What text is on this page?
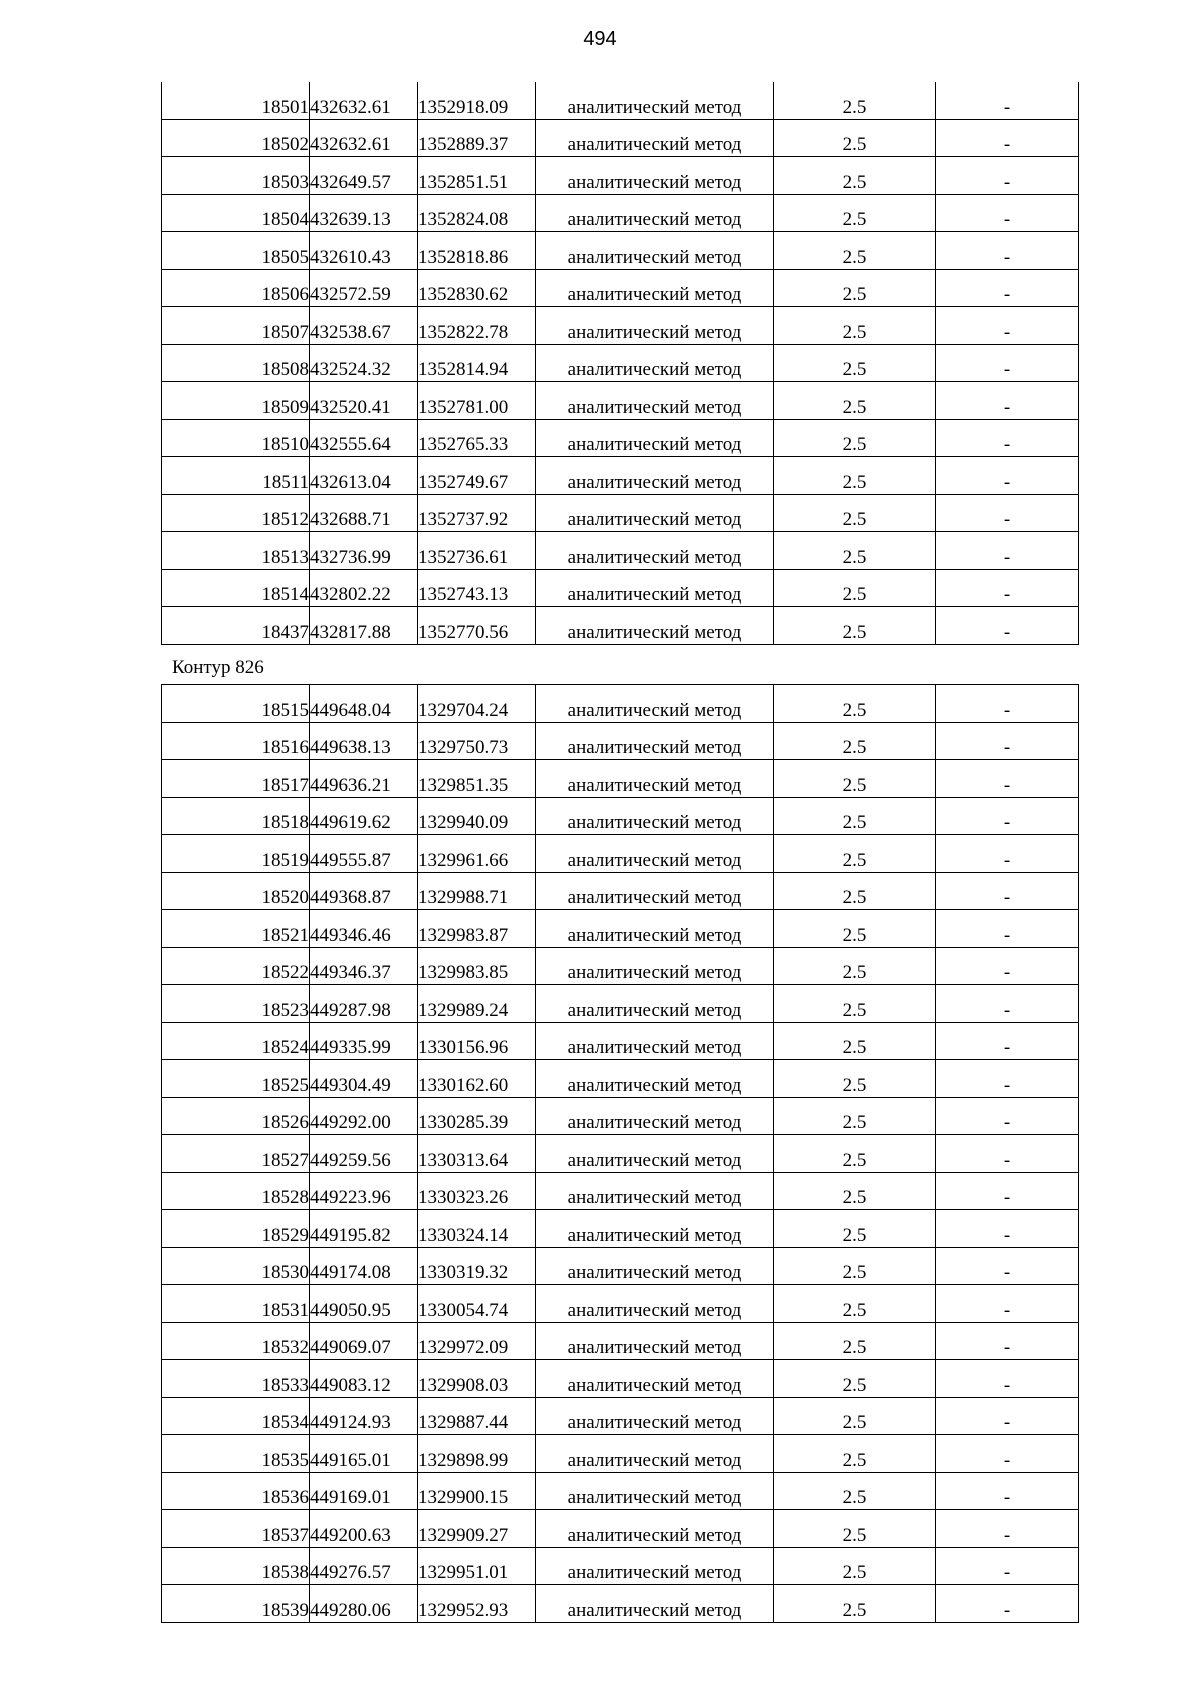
494
18501	432632.61	1352918.09	аналитический метод	2.5	-
18502	432632.61	1352889.37	аналитический метод	2.5	-
18503	432649.57	1352851.51	аналитический метод	2.5	-
18504	432639.13	1352824.08	аналитический метод	2.5	-
18505	432610.43	1352818.86	аналитический метод	2.5	-
18506	432572.59	1352830.62	аналитический метод	2.5	-
18507	432538.67	1352822.78	аналитический метод	2.5	-
18508	432524.32	1352814.94	аналитический метод	2.5	-
18509	432520.41	1352781.00	аналитический метод	2.5	-
18510	432555.64	1352765.33	аналитический метод	2.5	-
18511	432613.04	1352749.67	аналитический метод	2.5	-
18512	432688.71	1352737.92	аналитический метод	2.5	-
18513	432736.99	1352736.61	аналитический метод	2.5	-
18514	432802.22	1352743.13	аналитический метод	2.5	-
18437	432817.88	1352770.56	аналитический метод	2.5	-
Контур 826
18515	449648.04	1329704.24	аналитический метод	2.5	-
18516	449638.13	1329750.73	аналитический метод	2.5	-
18517	449636.21	1329851.35	аналитический метод	2.5	-
18518	449619.62	1329940.09	аналитический метод	2.5	-
18519	449555.87	1329961.66	аналитический метод	2.5	-
18520	449368.87	1329988.71	аналитический метод	2.5	-
18521	449346.46	1329983.87	аналитический метод	2.5	-
18522	449346.37	1329983.85	аналитический метод	2.5	-
18523	449287.98	1329989.24	аналитический метод	2.5	-
18524	449335.99	1330156.96	аналитический метод	2.5	-
18525	449304.49	1330162.60	аналитический метод	2.5	-
18526	449292.00	1330285.39	аналитический метод	2.5	-
18527	449259.56	1330313.64	аналитический метод	2.5	-
18528	449223.96	1330323.26	аналитический метод	2.5	-
18529	449195.82	1330324.14	аналитический метод	2.5	-
18530	449174.08	1330319.32	аналитический метод	2.5	-
18531	449050.95	1330054.74	аналитический метод	2.5	-
18532	449069.07	1329972.09	аналитический метод	2.5	-
18533	449083.12	1329908.03	аналитический метод	2.5	-
18534	449124.93	1329887.44	аналитический метод	2.5	-
18535	449165.01	1329898.99	аналитический метод	2.5	-
18536	449169.01	1329900.15	аналитический метод	2.5	-
18537	449200.63	1329909.27	аналитический метод	2.5	-
18538	449276.57	1329951.01	аналитический метод	2.5	-
18539	449280.06	1329952.93	аналитический метод	2.5	-
